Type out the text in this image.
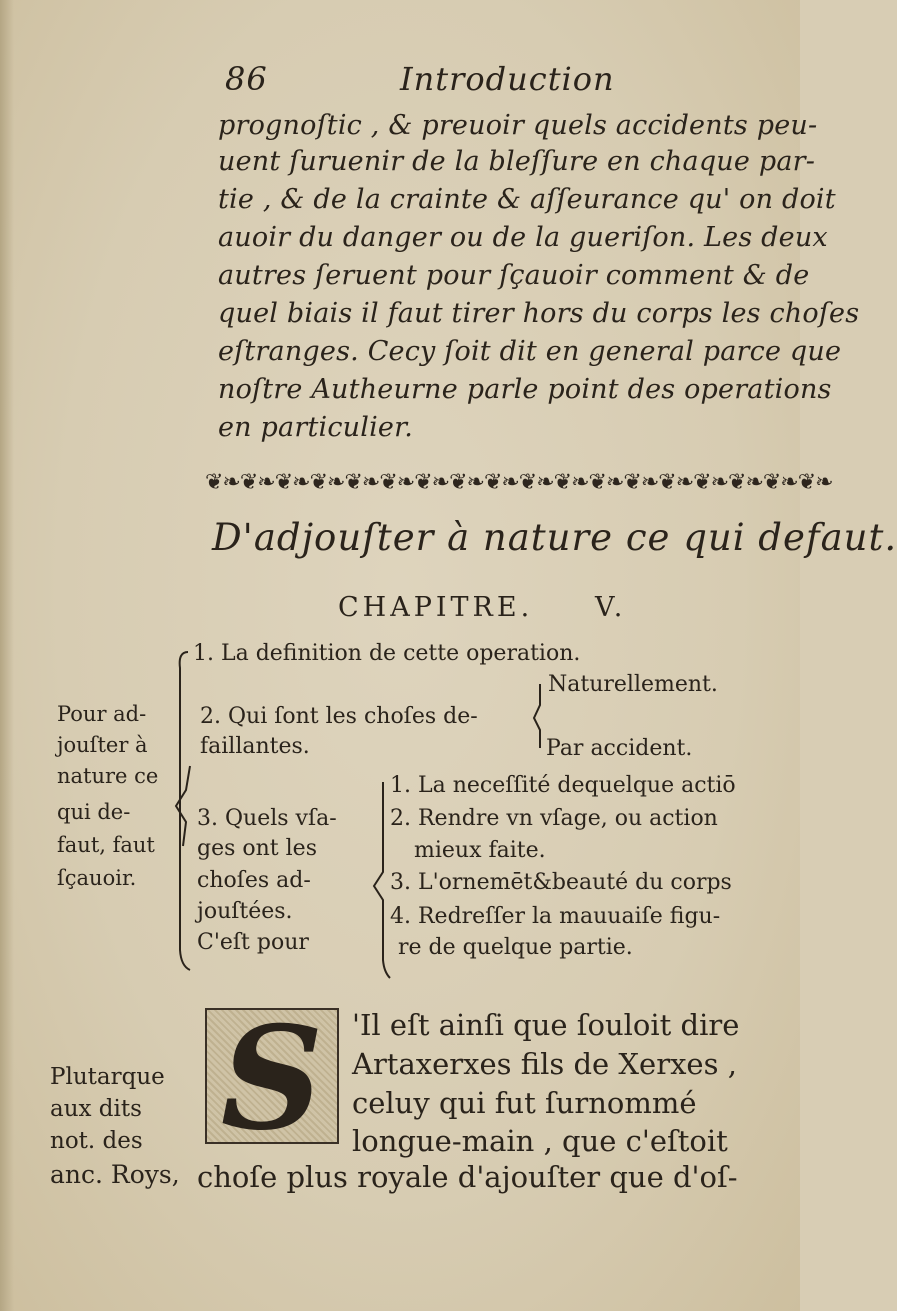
86	Introduction
prognoſtic , & preuoir quels accidents peu-
uent ſuruenir de la bleſſure en chaque par-
tie , & de la crainte & aſſeurance qu' on doit
auoir du danger ou de la gueriſon. Les deux
autres ſeruent pour ſçauoir comment & de
quel biais il faut tirer hors du corps les choſes
eſtranges. Cecy ſoit dit en general parce que
noſtre Autheurne parle point des operations
en particulier.
❦❧❦❧❦❧❦❧❦❧❦❧❦❧❦❧❦❧❦❧❦❧❦❧❦❧❦❧❦❧❦❧❦❧❦❧
D'adjouſter à nature ce qui defaut.
CHAPITRE. V.
1. La definition de cette operation.
Pour ad-
jouſter à
nature ce
qui de-
faut, faut
ſçauoir.
2. Qui ſont les choſes de-
faillantes.
Naturellement.
Par accident.
3. Quels vſa-
ges ont les
choſes ad-
jouſtées.
C'eſt pour
1. La neceſſité dequelque actiō
2. Rendre vn vſage, ou action
mieux faite.
3. L'ornemēt&beauté du corps
4. Redreſſer la mauuaiſe figu-
re de quelque partie.
S
Plutarque
aux dits
not. des
anc. Roys,
'Il eſt ainſi que ſouloit dire
Artaxerxes fils de Xerxes ,
celuy qui fut ſurnommé
longue-main , que c'eſtoit
choſe plus royale d'ajouſter que d'oſ-
